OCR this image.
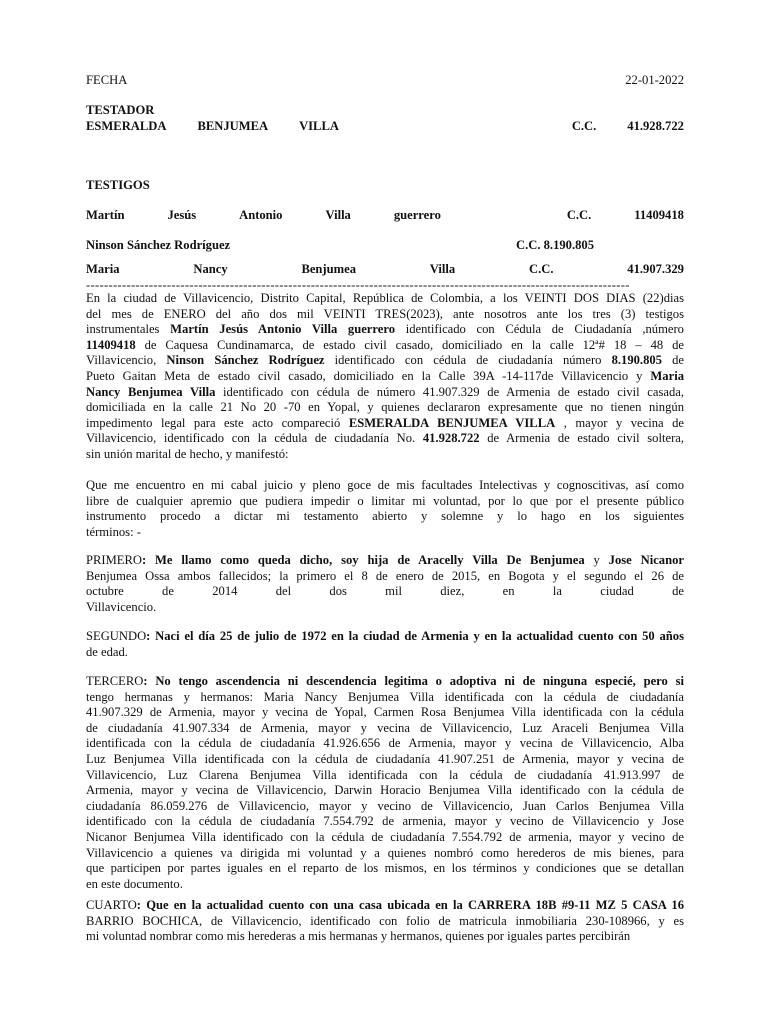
FECHA	22-01-2022
TESTADOR
ESMERALDA BENJUMEA VILLA	C.C. 41.928.722
TESTIGOS
Martín	Jesús	Antonio	Villa	guerrero	C.C.	11409418
Ninson Sánchez Rodríguez	C.C. 8.190.805
Maria	Nancy	Benjumea	Villa	C.C.	41.907.329
-------------------------------------------------------------------------------------------------------------------------
En la ciudad de Villavicencio, Distrito Capital, República de Colombia, a los VEINTI DOS DIAS (22)dias
del mes de ENERO del año dos mil VEINTI TRES(2023), ante nosotros ante los tres (3) testigos
instrumentales Martín Jesús Antonio Villa guerrero identificado con Cédula de Ciudadanía ,número
11409418 de Caquesa Cundinamarca, de estado civil casado, domiciliado en la calle 12ª# 18 – 48 de
Villavicencio, Ninson Sánchez Rodríguez identificado con cédula de ciudadanía número 8.190.805 de
Pueto Gaitan Meta de estado civil casado, domiciliado en la Calle 39A -14-117de Villavicencio y Maria
Nancy Benjumea Villa identificado con cédula de número 41.907.329 de Armenia de estado civil casada,
domiciliada en la calle 21 No 20 -70 en Yopal, y quienes declararon expresamente que no tienen ningún
impedimento legal para este acto compareció ESMERALDA BENJUMEA VILLA , mayor y vecina de
Villavicencio, identificado con la cédula de ciudadanía No. 41.928.722 de Armenia de estado civil soltera,
sin unión marital de hecho, y manifestó:
Que me encuentro en mi cabal juicio y pleno goce de mis facultades Intelectivas y cognoscitivas, así como
libre de cualquier apremio que pudiera impedir o limitar mi voluntad, por lo que por el presente público
instrumento procedo a dictar mi testamento abierto y solemne y lo hago en los siguientes
términos: -
PRIMERO: Me llamo como queda dicho, soy hija de Aracelly Villa De Benjumea y Jose Nicanor
Benjumea Ossa ambos fallecidos; la primero el 8 de enero de 2015, en Bogota y el segundo el 26 de
octubre de 2014 del dos mil diez, en la ciudad de
Villavicencio.
SEGUNDO: Naci el día 25 de julio de 1972 en la ciudad de Armenia y en la actualidad cuento con 50 años
de edad.
TERCERO: No tengo ascendencia ni descendencia legitima o adoptiva ni de ninguna especié, pero si
tengo hermanas y hermanos: Maria Nancy Benjumea Villa identificada con la cédula de ciudadanía
41.907.329 de Armenia, mayor y vecina de Yopal, Carmen Rosa Benjumea Villa identificada con la cédula
de ciudadanía 41.907.334 de Armenia, mayor y vecina de Villavicencio, Luz Araceli Benjumea Villa
identificada con la cédula de ciudadanía 41.926.656 de Armenia, mayor y vecina de Villavicencio, Alba
Luz Benjumea Villa identificada con la cédula de ciudadanía 41.907.251 de Armenia, mayor y vecina de
Villavicencio, Luz Clarena Benjumea Villa identificada con la cédula de ciudadanía 41.913.997 de
Armenia, mayor y vecina de Villavicencio, Darwin Horacio Benjumea Villa identificado con la cédula de
ciudadanía 86.059.276 de Villavicencio, mayor y vecino de Villavicencio, Juan Carlos Benjumea Villa
identificado con la cédula de ciudadanía 7.554.792 de armenia, mayor y vecino de Villavicencio y Jose
Nicanor Benjumea Villa identificado con la cédula de ciudadanía 7.554.792 de armenia, mayor y vecino de
Villavicencio a quienes va dirigida mi voluntad y a quienes nombró como herederos de mis bienes, para
que participen por partes iguales en el reparto de los mismos, en los términos y condiciones que se detallan
en este documento.
CUARTO: Que en la actualidad cuento con una casa ubicada en la CARRERA 18B #9-11 MZ 5 CASA 16
BARRIO BOCHICA, de Villavicencio, identificado con folio de matricula inmobiliaria 230-108966, y es
mi voluntad nombrar como mis herederas a mis hermanas y hermanos, quienes por iguales partes percibirán
